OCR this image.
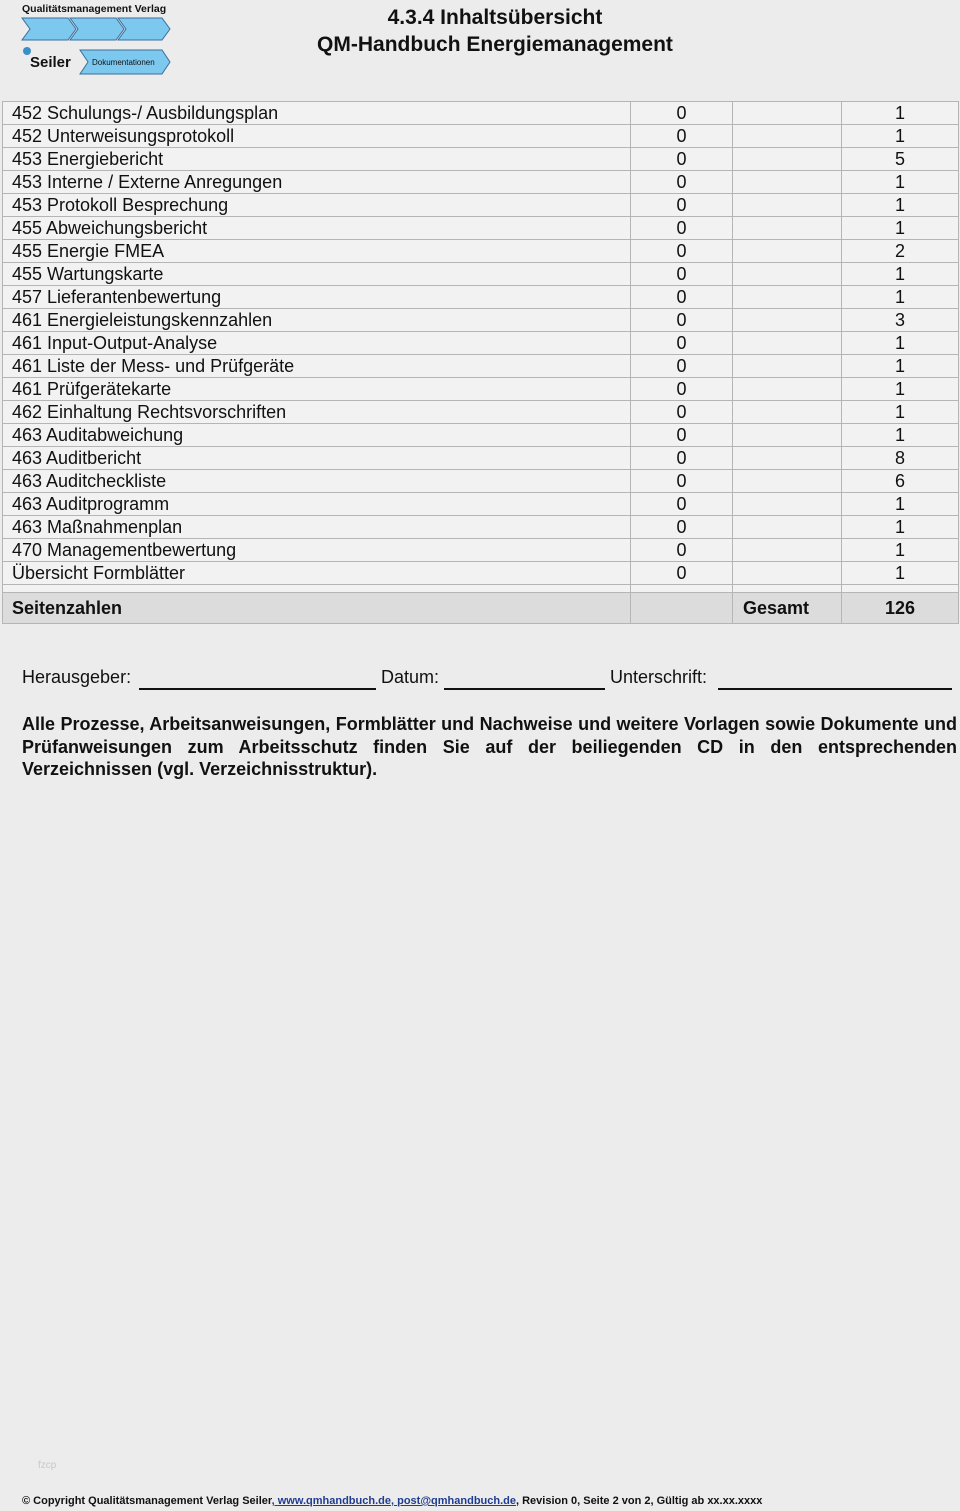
Qualitätsmanagement Verlag
Seiler	Dokumentationen
4.3.4 Inhaltsübersicht
QM-Handbuch Energiemanagement
452 Schulungs-/ Ausbildungsplan	0		1
452 Unterweisungsprotokoll	0		1
453 Energiebericht	0		5
453 Interne / Externe Anregungen	0		1
453 Protokoll Besprechung	0		1
455 Abweichungsbericht	0		1
455 Energie FMEA	0		2
455 Wartungskarte	0		1
457 Lieferantenbewertung	0		1
461 Energieleistungskennzahlen	0		3
461 Input-Output-Analyse	0		1
461 Liste der Mess- und Prüfgeräte	0		1
461 Prüfgerätekarte	0		1
462 Einhaltung Rechtsvorschriften	0		1
463 Auditabweichung	0		1
463 Auditbericht	0		8
463 Auditcheckliste	0		6
463 Auditprogramm	0		1
463 Maßnahmenplan	0		1
470 Managementbewertung	0		1
Übersicht Formblätter	0		1

Seitenzahlen		Gesamt	126
Herausgeber:	Datum:	Unterschrift:
Alle Prozesse, Arbeitsanweisungen, Formblätter und Nachweise und weitere Vorlagen sowie Dokumente und Prüfanweisungen zum Arbeitsschutz finden Sie auf der beiliegenden CD in den entsprechenden Verzeichnissen (vgl. Verzeichnisstruktur).
fzcp
© Copyright Qualitätsmanagement Verlag Seiler, www.qmhandbuch.de, post@qmhandbuch.de, Revision 0, Seite 2 von 2, Gültig ab xx.xx.xxxx
